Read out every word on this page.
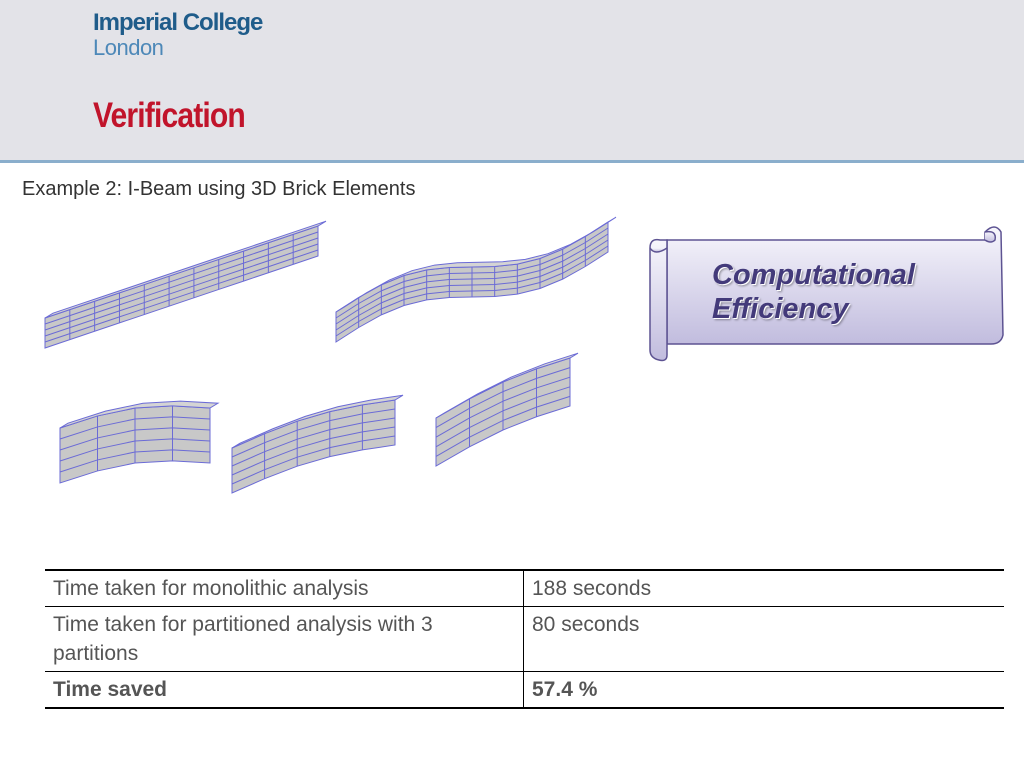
Imperial College
London
Verification
Example 2: I-Beam using 3D Brick Elements
Computational
Efficiency
Time taken for monolithic analysis	188 seconds
Time taken for partitioned analysis with 3 partitions	80 seconds
Time saved	57.4 %
